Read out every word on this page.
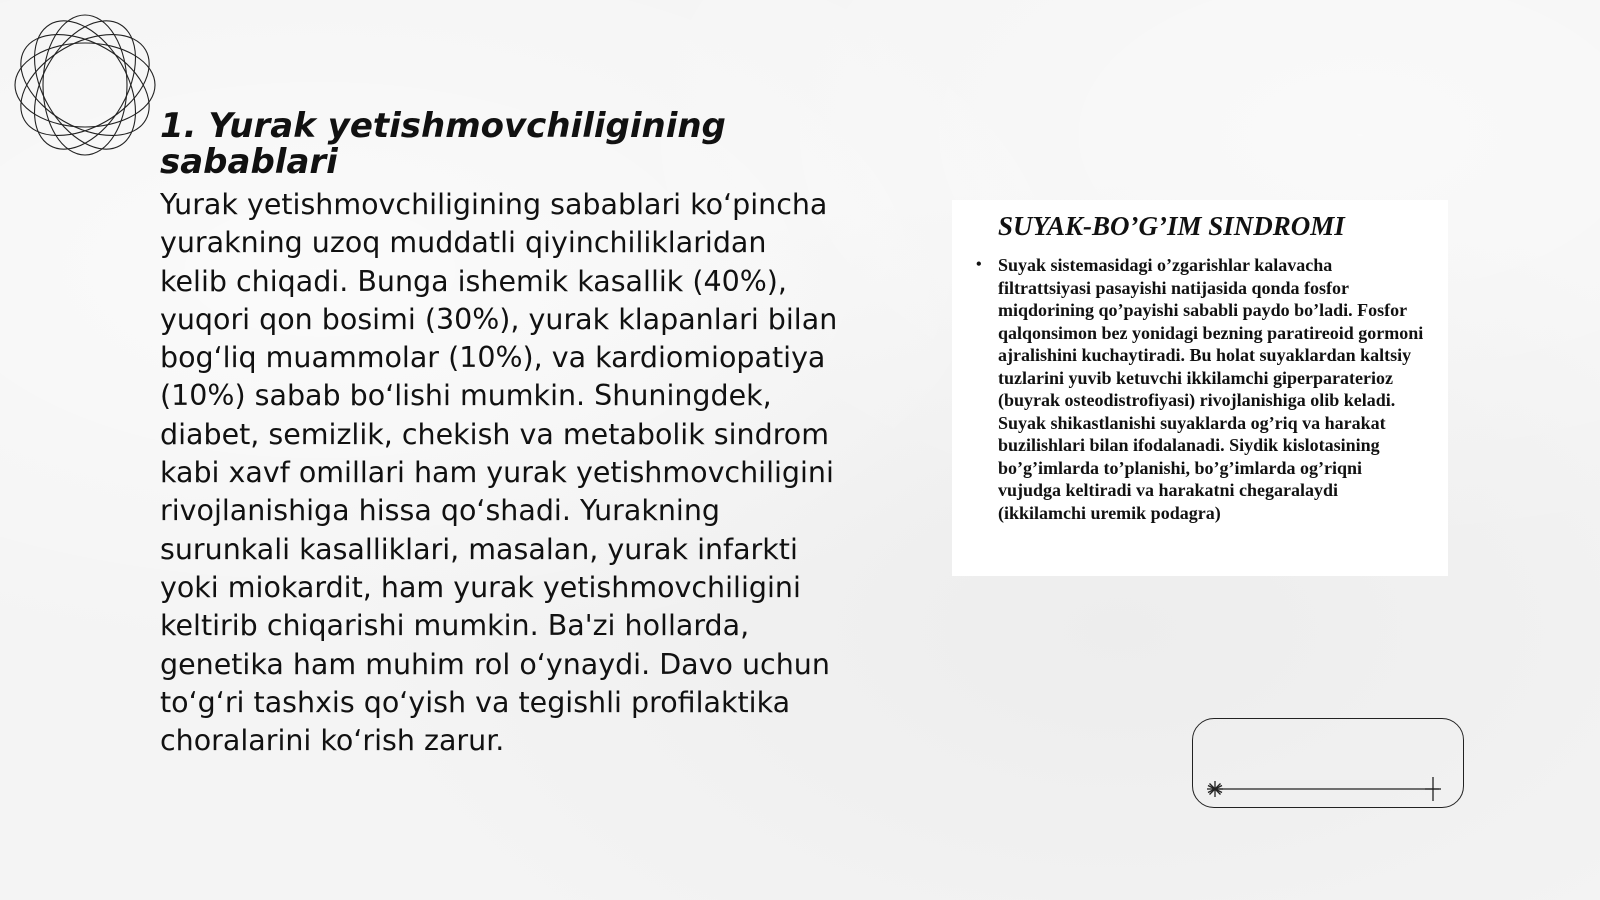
1. Yurak yetishmovchiligining sabablari

Yurak yetishmovchiligining sabablari koʻpincha yurakning uzoq muddatli qiyinchiliklaridan kelib chiqadi. Bunga ishemik kasallik (40%), yuqori qon bosimi (30%), yurak klapanlari bilan bogʻliq muammolar (10%), va kardiomiopatiya (10%) sabab boʻlishi mumkin. Shuningdek, diabet, semizlik, chekish va metabolik sindrom kabi xavf omillari ham yurak yetishmovchiligini rivojlanishiga hissa qoʻshadi. Yurakning surunkali kasalliklari, masalan, yurak infarkti yoki miokardit, ham yurak yetishmovchiligini keltirib chiqarishi mumkin. Ba'zi hollarda, genetika ham muhim rol oʻynaydi. Davo uchun toʻgʻri tashxis qoʻyish va tegishli profilaktika choralarini koʻrish zarur.

SUYAK-BO’G’IM SINDROMI
• Suyak sistemasidagi o’zgarishlar kalavacha filtrattsiyasi pasayishi natijasida qonda fosfor miqdorining qo’payishi sababli paydo bo’ladi. Fosfor qalqonsimon bez yonidagi bezning paratireoid gormoni ajralishini kuchaytiradi. Bu holat suyaklardan kaltsiy tuzlarini yuvib ketuvchi ikkilamchi giperparaterioz (buyrak osteodistrofiyasi) rivojlanishiga olib keladi. Suyak shikastlanishi suyaklarda og’riq va harakat buzilishlari bilan ifodalanadi. Siydik kislotasining bo’g’imlarda to’planishi, bo’g’imlarda og’riqni vujudga keltiradi va harakatni chegaralaydi (ikkilamchi uremik podagra)
